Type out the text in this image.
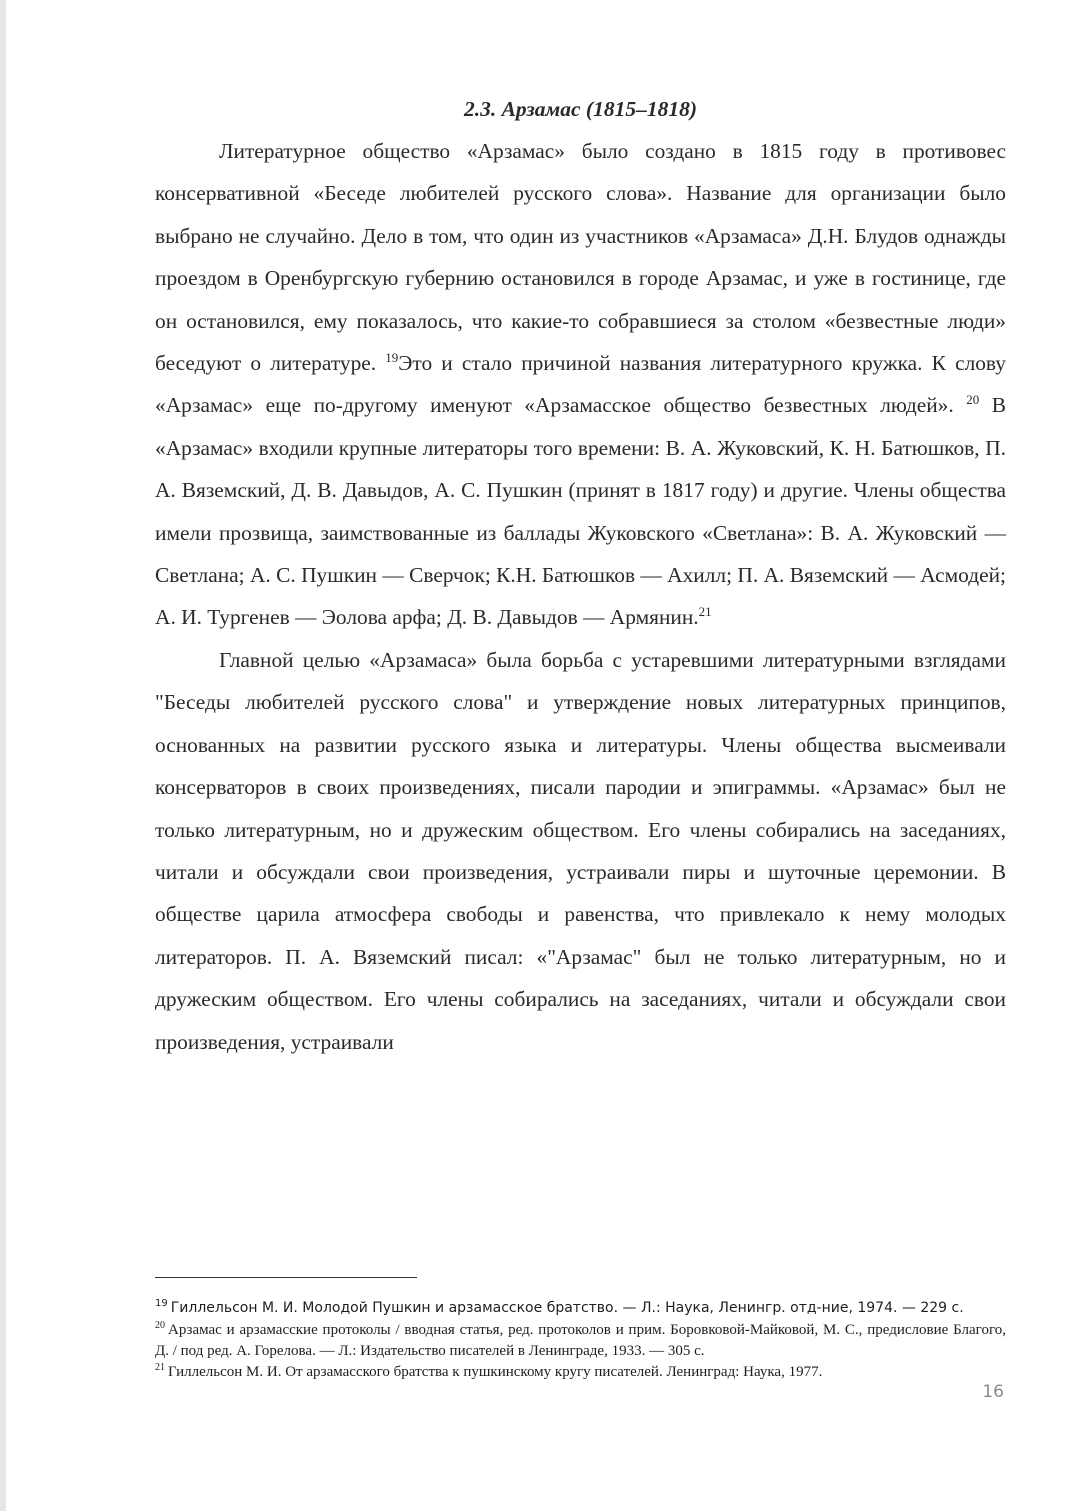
2.3. Арзамас (1815–1818)

Литературное общество «Арзамас» было создано в 1815 году в противовес консервативной «Беседе любителей русского слова». Название для организации было выбрано не случайно. Дело в том, что один из участников «Арзамаса» Д.Н. Блудов однажды проездом в Оренбургскую губернию остановился в городе Арзамас, и уже в гостинице, где он остановился, ему показалось, что какие-то собравшиеся за столом «безвестные люди» беседуют о литературе. $^{19}$Это и стало причиной названия литературного кружка. К слову «Арзамас» еще по-другому именуют «Арзамасское общество безвестных людей». $^{20}$ В «Арзамас» входили крупные литераторы того времени: В. А. Жуковский, К. Н. Батюшков, П. А. Вяземский, Д. В. Давыдов, А. С. Пушкин (принят в 1817 году) и другие. Члены общества имели прозвища, заимствованные из баллады Жуковского «Светлана»: В. А. Жуковский — Светлана; А. С. Пушкин — Сверчок; К.Н. Батюшков — Ахилл; П. А. Вяземский — Асмодей; А. И. Тургенев — Эолова арфа; Д. В. Давыдов — Армянин.$^{21}$

Главной целью «Арзамаса» была борьба с устаревшими литературными взглядами "Беседы любителей русского слова" и утверждение новых литературных принципов, основанных на развитии русского языка и литературы. Члены общества высмеивали консерваторов в своих произведениях, писали пародии и эпиграммы. «Арзамас» был не только литературным, но и дружеским обществом. Его члены собирались на заседаниях, читали и обсуждали свои произведения, устраивали пиры и шуточные церемонии. В обществе царила атмосфера свободы и равенства, что привлекало к нему молодых литераторов. П. А. Вяземский писал: «"Арзамас" был не только литературным, но и дружеским обществом. Его члены собирались на заседаниях, читали и обсуждали свои произведения, устраивали

$^{19}$ Гиллельсон М. И. Молодой Пушкин и арзамасское братство. — Л.: Наука, Ленингр. отд-ние, 1974. — 229 с.

$^{20}$ Арзамас и арзамасские протоколы / вводная статья, ред. протоколов и прим. Боровковой-Майковой, М. С., предисловие Благого, Д. / под ред. А. Горелова. — Л.: Издательство писателей в Ленинграде, 1933. — 305 с.

$^{21}$ Гиллельсон М. И. От арзамасского братства к пушкинскому кругу писателей. Ленинград: Наука, 1977.

16
